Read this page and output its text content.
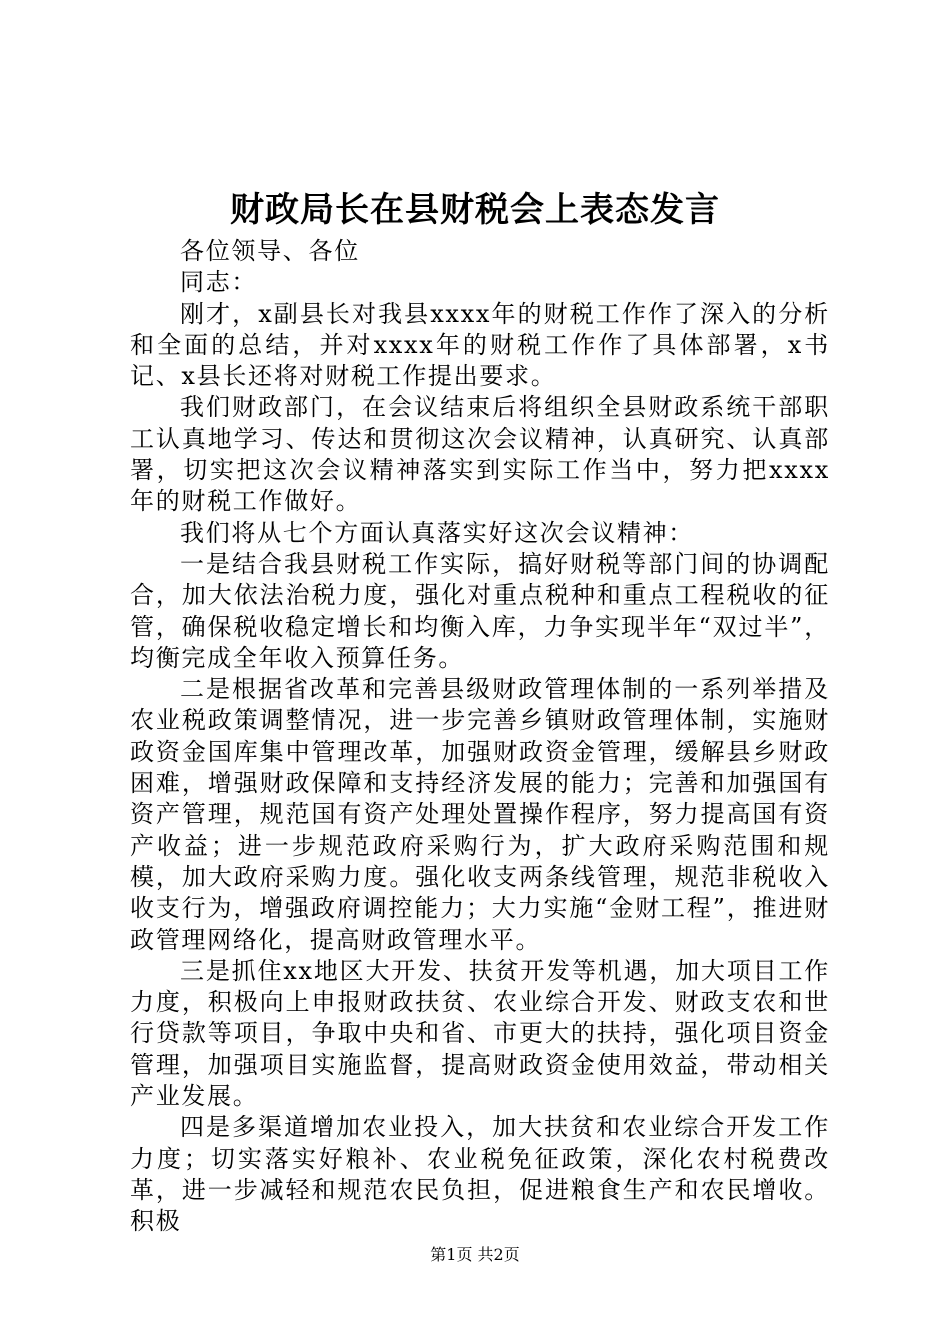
财政局长在县财税会上表态发言

各位领导、各位

同志：

刚才，x副县长对我县xxxx年的财税工作作了深入的分析和全面的总结，并对xxxx年的财税工作作了具体部署，x书记、x县长还将对财税工作提出要求。

我们财政部门，在会议结束后将组织全县财政系统干部职工认真地学习、传达和贯彻这次会议精神，认真研究、认真部署，切实把这次会议精神落实到实际工作当中，努力把xxxx年的财税工作做好。

我们将从七个方面认真落实好这次会议精神：

一是结合我县财税工作实际，搞好财税等部门间的协调配合，加大依法治税力度，强化对重点税种和重点工程税收的征管，确保税收稳定增长和均衡入库，力争实现半年“双过半”，均衡完成全年收入预算任务。

二是根据省改革和完善县级财政管理体制的一系列举措及农业税政策调整情况，进一步完善乡镇财政管理体制，实施财政资金国库集中管理改革，加强财政资金管理，缓解县乡财政困难，增强财政保障和支持经济发展的能力；完善和加强国有资产管理，规范国有资产处理处置操作程序，努力提高国有资产收益；进一步规范政府采购行为，扩大政府采购范围和规模，加大政府采购力度。强化收支两条线管理，规范非税收入收支行为，增强政府调控能力；大力实施“金财工程”，推进财政管理网络化，提高财政管理水平。

三是抓住xx地区大开发、扶贫开发等机遇，加大项目工作力度，积极向上申报财政扶贫、农业综合开发、财政支农和世行贷款等项目，争取中央和省、市更大的扶持，强化项目资金管理，加强项目实施监督，提高财政资金使用效益，带动相关产业发展。

四是多渠道增加农业投入，加大扶贫和农业综合开发工作力度；切实落实好粮补、农业税免征政策，深化农村税费改革，进一步减轻和规范农民负担，促进粮食生产和农民增收。积极

第1页 共2页
